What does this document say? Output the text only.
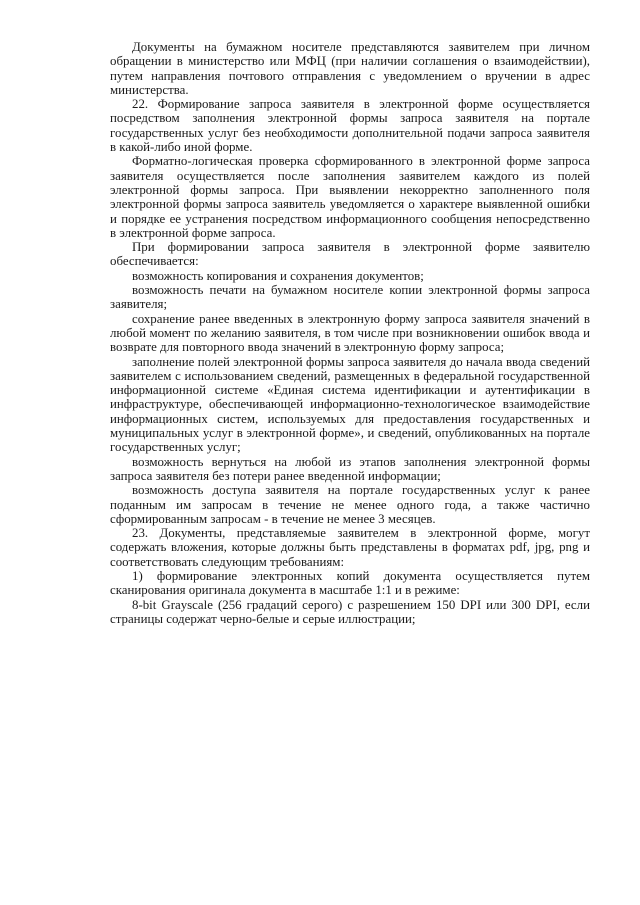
Документы на бумажном носителе представляются заявителем при личном обращении в министерство или МФЦ (при наличии соглашения о взаимодействии), путем направления почтового отправления с уведомлением о вручении в адрес министерства.

22. Формирование запроса заявителя в электронной форме осуществляется посредством заполнения электронной формы запроса заявителя на портале государственных услуг без необходимости дополнительной подачи запроса заявителя в какой-либо иной форме.

Форматно-логическая проверка сформированного в электронной форме запроса заявителя осуществляется после заполнения заявителем каждого из полей электронной формы запроса. При выявлении некорректно заполненного поля электронной формы запроса заявитель уведомляется о характере выявленной ошибки и порядке ее устранения посредством информационного сообщения непосредственно в электронной форме запроса.

При формировании запроса заявителя в электронной форме заявителю обеспечивается:

возможность копирования и сохранения документов;

возможность печати на бумажном носителе копии электронной формы запроса заявителя;

сохранение ранее введенных в электронную форму запроса заявителя значений в любой момент по желанию заявителя, в том числе при возникновении ошибок ввода и возврате для повторного ввода значений в электронную форму запроса;

заполнение полей электронной формы запроса заявителя до начала ввода сведений заявителем с использованием сведений, размещенных в федеральной государственной информационной системе «Единая система идентификации и аутентификации в инфраструктуре, обеспечивающей информационно-технологическое взаимодействие информационных систем, используемых для предоставления государственных и муниципальных услуг в электронной форме», и сведений, опубликованных на портале государственных услуг;

возможность вернуться на любой из этапов заполнения электронной формы запроса заявителя без потери ранее введенной информации;

возможность доступа заявителя на портале государственных услуг к ранее поданным им запросам в течение не менее одного года, а также частично сформированным запросам - в течение не менее 3 месяцев.

23. Документы, представляемые заявителем в электронной форме, могут содержать вложения, которые должны быть представлены в форматах pdf, jpg, png и соответствовать следующим требованиям:

1) формирование электронных копий документа осуществляется путем сканирования оригинала документа в масштабе 1:1 и в режиме:

8-bit Grayscale (256 градаций серого) с разрешением 150 DPI или 300 DPI, если страницы содержат черно-белые и серые иллюстрации;
